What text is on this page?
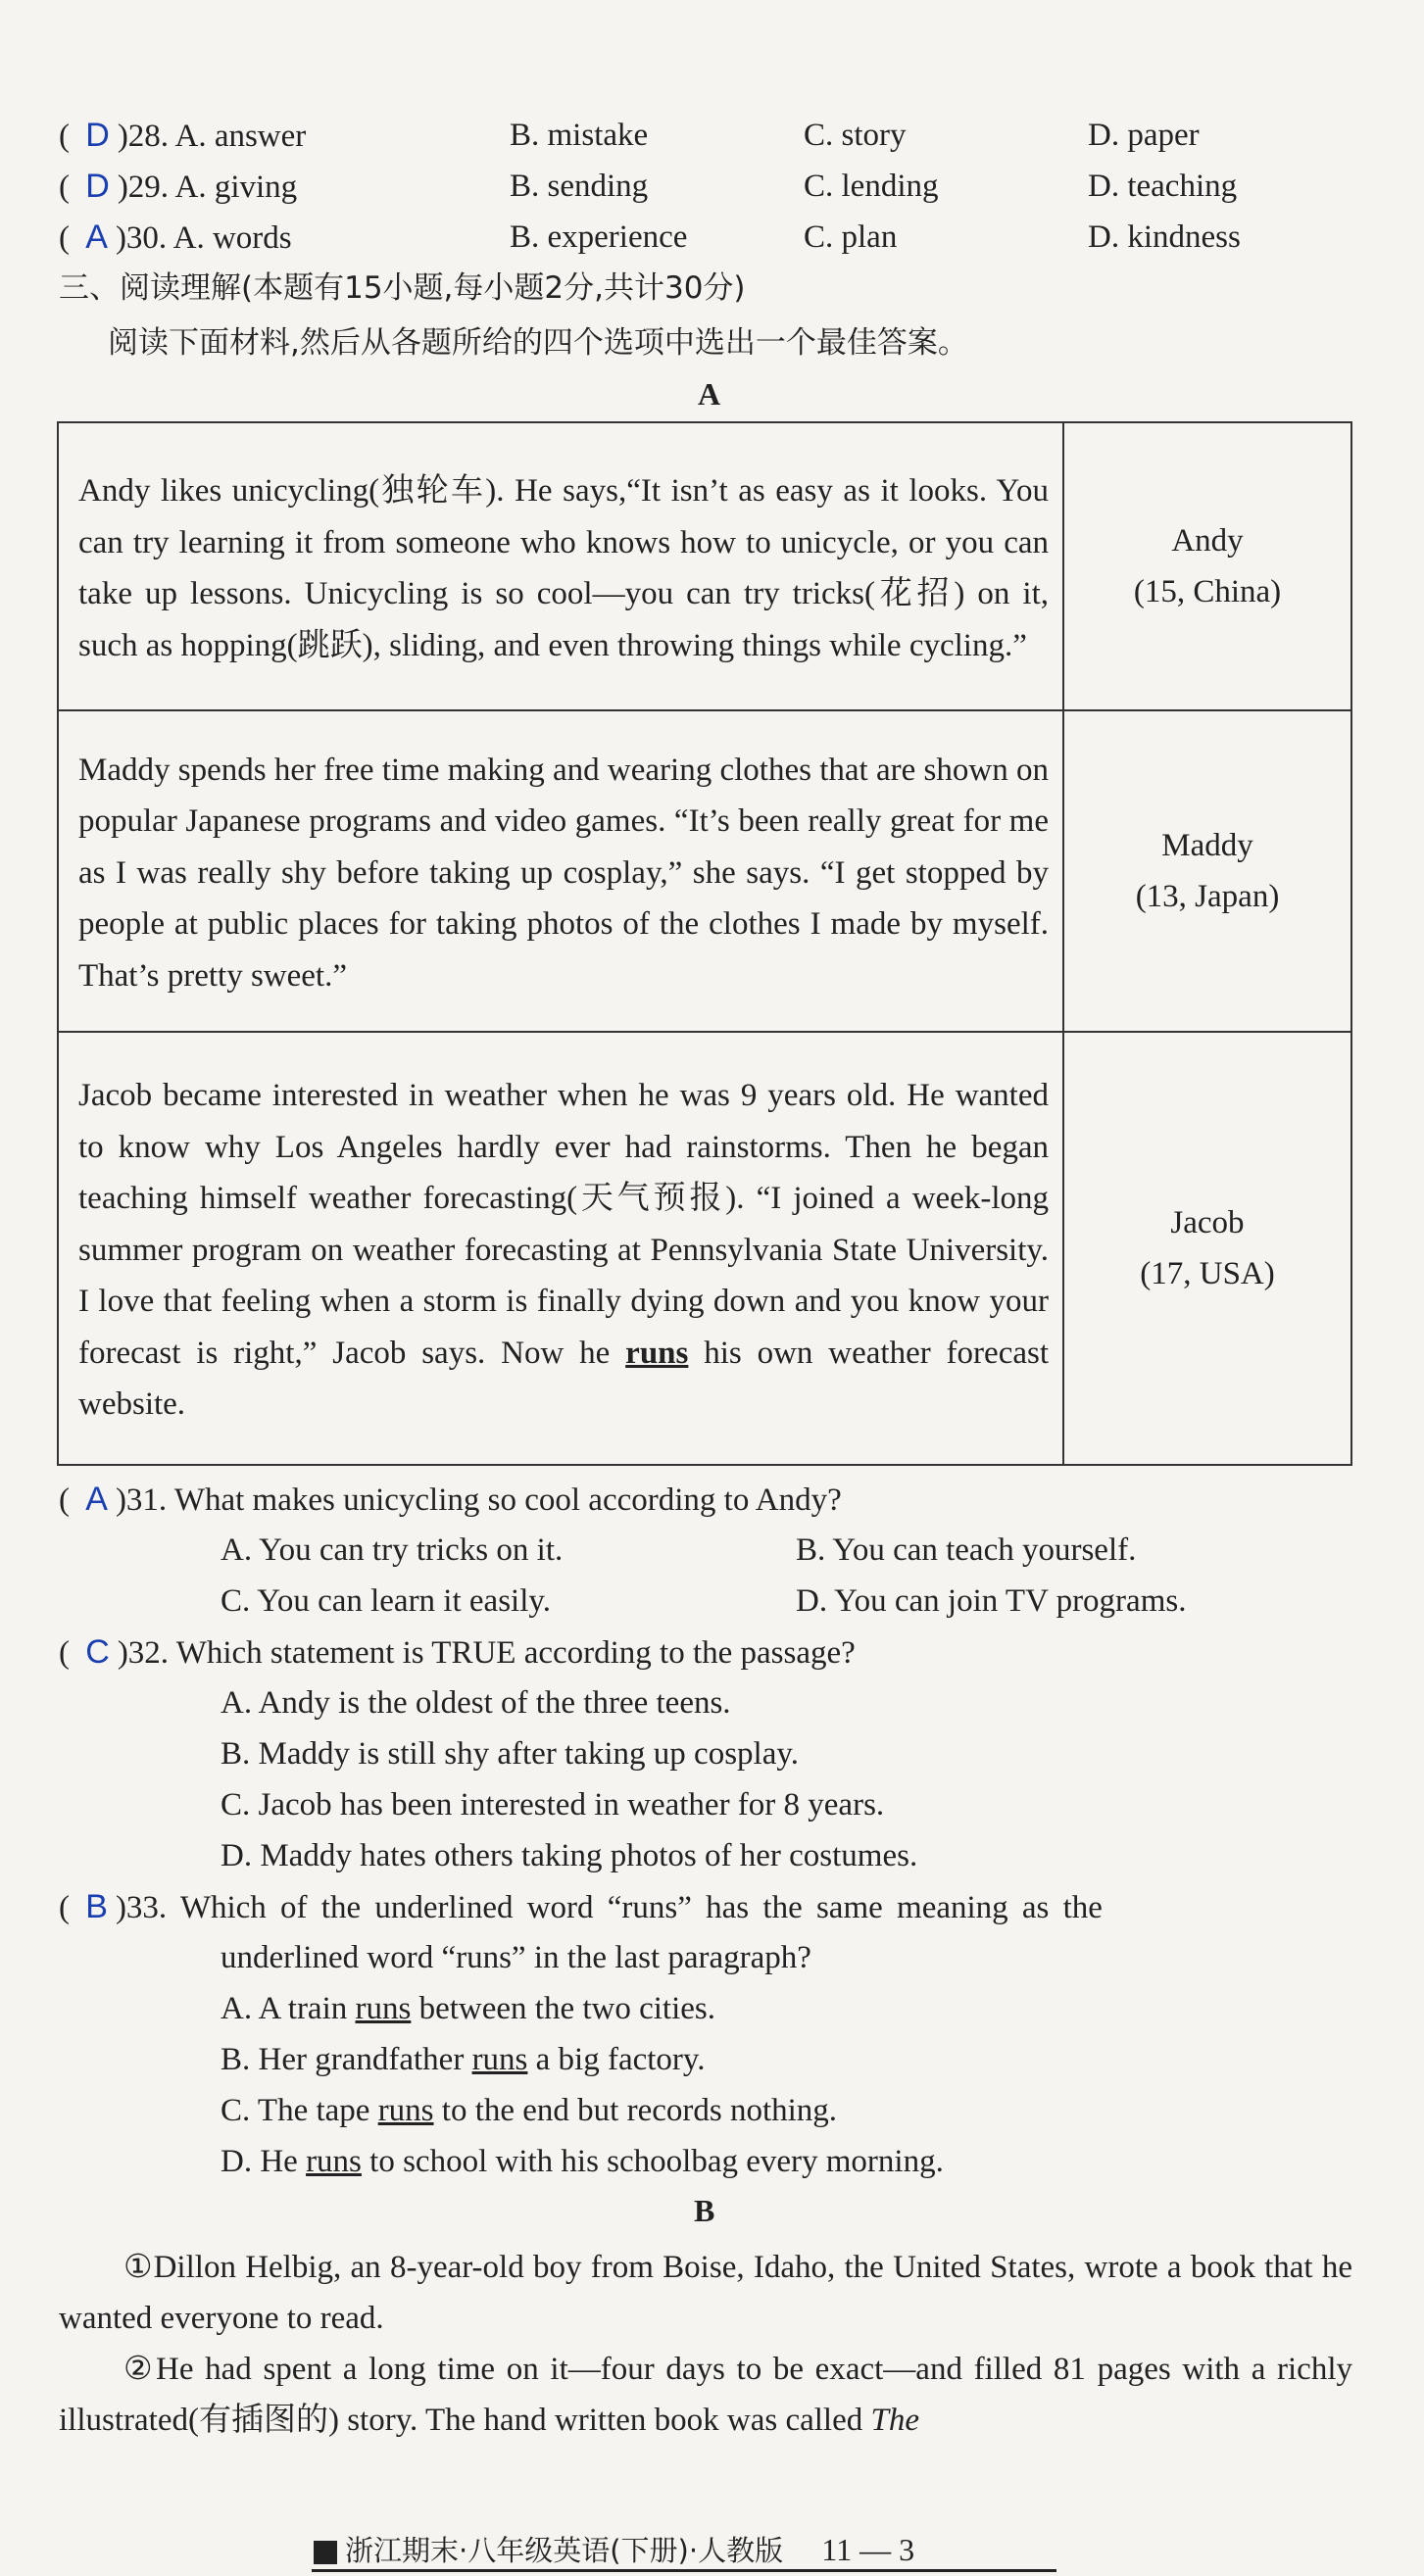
( D )28. A. answer	B. mistake	C. story	D. paper
( D )29. A. giving	B. sending	C. lending	D. teaching
( A )30. A. words	B. experience	C. plan	D. kindness
三、阅读理解(本题有15小题,每小题2分,共计30分)
阅读下面材料,然后从各题所给的四个选项中选出一个最佳答案。
A
Andy likes unicycling(独轮车). He says,“It isn’t as easy as it looks. You can try learning it from someone who knows how to unicycle, or you can take up lessons. Unicycling is so cool—you can try tricks(花招) on it, such as hopping(跳跃), sliding, and even throwing things while cycling.”	Andy
(15, China)

Maddy spends her free time making and wearing clothes that are shown on popular Japanese programs and video games. “It’s been really great for me as I was really shy before taking up cosplay,” she says. “I get stopped by people at public places for taking photos of the clothes I made by myself. That’s pretty sweet.”	Maddy
(13, Japan)

Jacob became interested in weather when he was 9 years old. He wanted to know why Los Angeles hardly ever had rainstorms. Then he began teaching himself weather forecasting(天气预报). “I joined a week-long summer program on weather forecasting at Pennsylvania State University. I love that feeling when a storm is finally dying down and you know your forecast is right,” Jacob says. Now he runs his own weather forecast website.	Jacob
(17, USA)
( A )31. What makes unicycling so cool according to Andy?
A. You can try tricks on it.	B. You can teach yourself.
C. You can learn it easily.	D. You can join TV programs.
( C )32. Which statement is TRUE according to the passage?
A. Andy is the oldest of the three teens.
B. Maddy is still shy after taking up cosplay.
C. Jacob has been interested in weather for 8 years.
D. Maddy hates others taking photos of her costumes.
( B )33. Which of the underlined word “runs” has the same meaning as the
underlined word “runs” in the last paragraph?
A. A train runs between the two cities.
B. Her grandfather runs a big factory.
C. The tape runs to the end but records nothing.
D. He runs to school with his schoolbag every morning.
B
①Dillon Helbig, an 8-year-old boy from Boise, Idaho, the United States, wrote a book that he wanted everyone to read.
②He had spent a long time on it—four days to be exact—and filled 81 pages with a richly illustrated(有插图的) story. The hand written book was called The
浙江期末·八年级英语(下册)·人教版 11 — 3
